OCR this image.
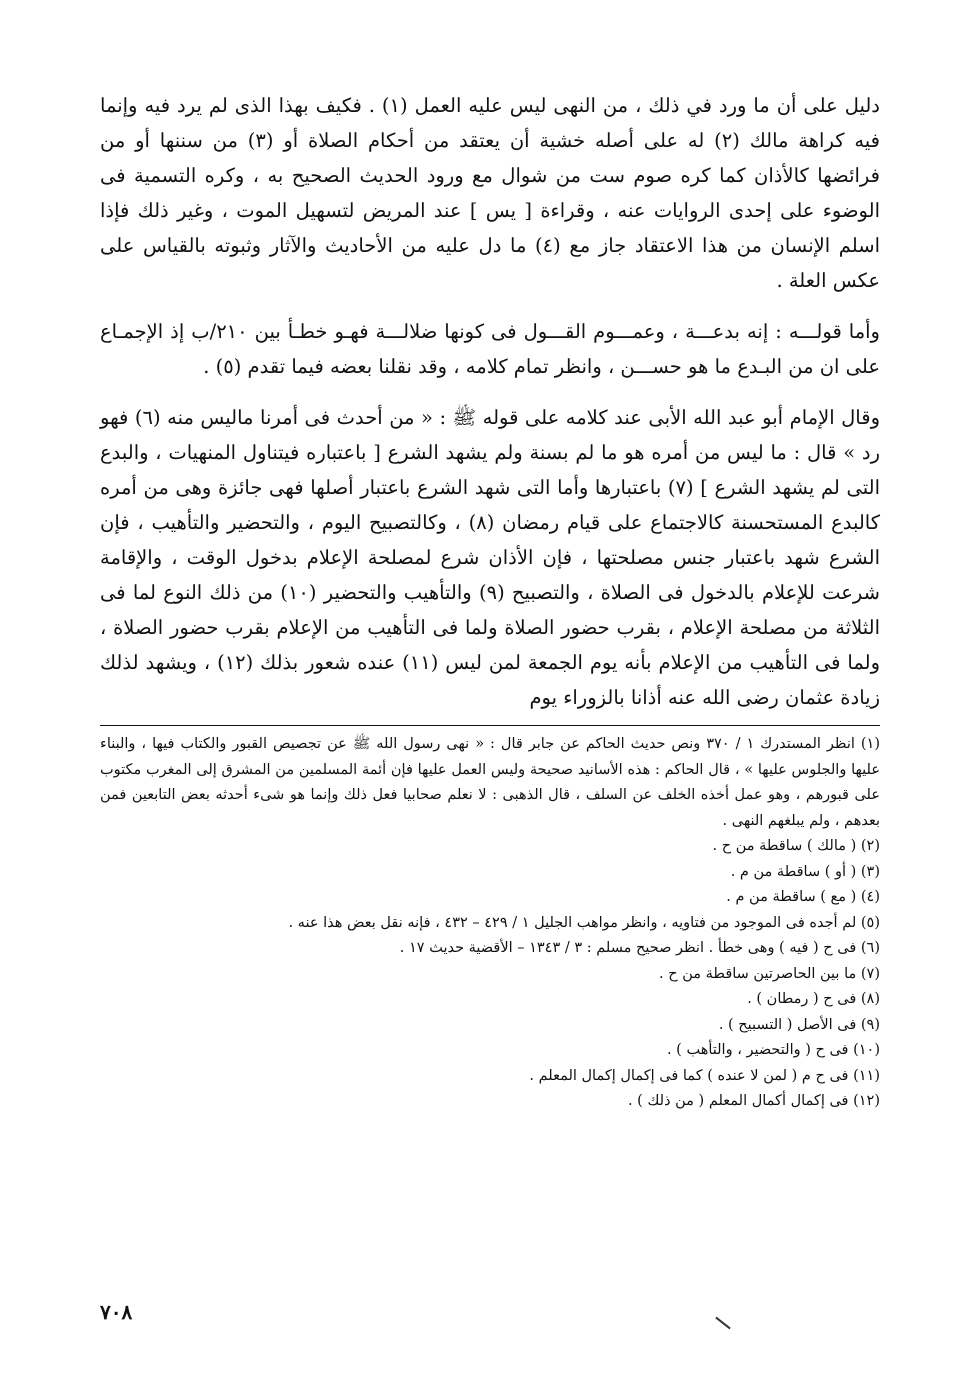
دليل على أن ما ورد في ذلك ، من النهى ليس عليه العمل (١) . فكيف بهذا الذى لم يرد فيه وإنما فيه كراهة مالك (٢) له على أصله خشية أن يعتقد من أحكام الصلاة أو (٣) من سننها أو من فرائضها كالأذان كما كره صوم ست من شوال مع ورود الحديث الصحيح به ، وكره التسمية فى الوضوء على إحدى الروايات عنه ، وقراءة [ يس ] عند المريض لتسهيل الموت ، وغير ذلك فإذا اسلم الإنسان من هذا الاعتقاد جاز مع (٤) ما دل عليه من الأحاديث والآثار وثبوته بالقياس على عكس العلة .

وأما قولـــه : إنه بدعـــة ، وعمـــوم القـــول فى كونها ضلالـــة فهـو خطـأ بين ٢١٠/ب إذ الإجمـاع على ان من البـدع ما هو حســـن ، وانظر تمام كلامه ، وقد نقلنا بعضه فيما تقدم (٥) .

وقال الإمام أبو عبد الله الأبى عند كلامه على قوله ﷺ : « من أحدث فى أمرنا ماليس منه (٦) فهو رد » قال : ما ليس من أمره هو ما لم بسنة ولم يشهد الشرع [ باعتباره فيتناول المنهيات ، والبدع التى لم يشهد الشرع ] (٧) باعتبارها وأما التى شهد الشرع باعتبار أصلها فهى جائزة وهى من أمره كالبدع المستحسنة كالاجتماع على قيام رمضان (٨) ، وكالتصبيح اليوم ، والتحضير والتأهيب ، فإن الشرع شهد باعتبار جنس مصلحتها ، فإن الأذان شرع لمصلحة الإعلام بدخول الوقت ، والإقامة شرعت للإعلام بالدخول فى الصلاة ، والتصبيح (٩) والتأهيب والتحضير (١٠) من ذلك النوع لما فى الثلاثة من مصلحة الإعلام ، بقرب حضور الصلاة ولما فى التأهيب من الإعلام بقرب حضور الصلاة ، ولما فى التأهيب من الإعلام بأنه يوم الجمعة لمن ليس (١١) عنده شعور بذلك (١٢) ، ويشهد لذلك زيادة عثمان رضى الله عنه أذانا بالزوراء يوم

(١) انظر المستدرك ١ / ٣٧٠ ونص حديث الحاكم عن جابر قال : « نهى رسول الله ﷺ عن تجصيص القبور والكتاب فيها ، والبناء عليها والجلوس عليها » ، قال الحاكم : هذه الأسانيد صحيحة وليس العمل عليها فإن أئمة المسلمين من المشرق إلى المغرب مكتوب على قبورهم ، وهو عمل أخذه الخلف عن السلف ، قال الذهبى : لا نعلم صحابيا فعل ذلك وإنما هو شىء أحدثه بعض التابعين فمن بعدهم ، ولم يبلغهم النهى .

(٢) ( مالك ) ساقطة من ح .

(٣) ( أو ) ساقطة من م .

(٤) ( مع ) ساقطة من م .

(٥) لم أجده فى الموجود من فتاويه ، وانظر مواهب الجليل ١ / ٤٢٩ – ٤٣٢ ، فإنه نقل بعض هذا عنه .

(٦) فى ح ( فيه ) وهى خطأ . انظر صحيح مسلم : ٣ / ١٣٤٣ – الأقضية حديث ١٧ .

(٧) ما بين الحاصرتين ساقطة من ح .

(٨) فى ح ( رمطان ) .

(٩) فى الأصل ( التسبيح ) .

(١٠) فى ح ( والتحضير ، والتأهب ) .

(١١) فى ح م ( لمن لا عنده ) كما فى إكمال إكمال المعلم .

(١٢) فى إكمال أكمال المعلم ( من ذلك ) .

٧٠٨
